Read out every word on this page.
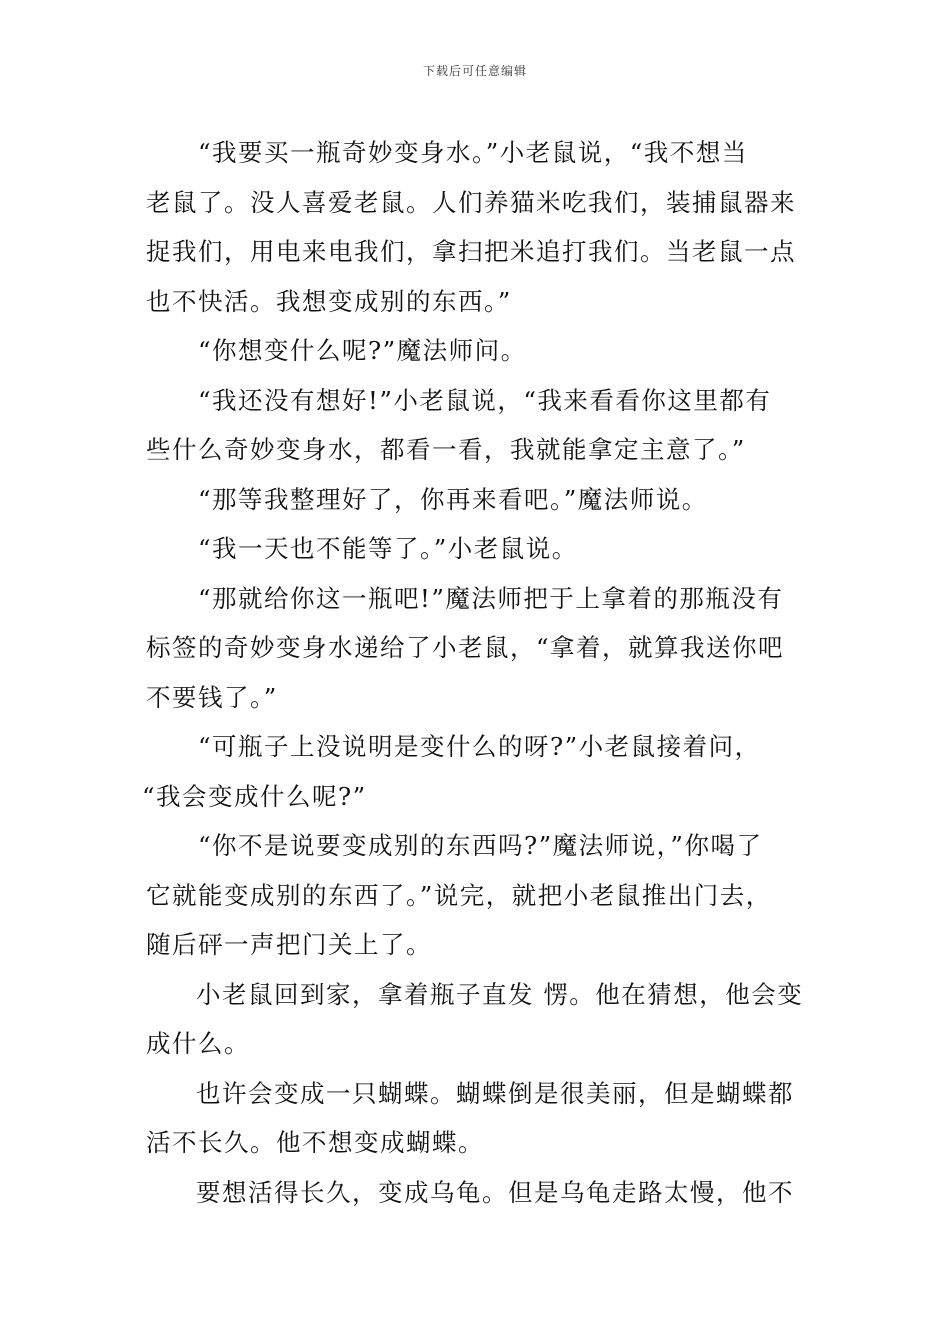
下载后可任意编辑
“我要买一瓶奇妙变身水。”小老鼠说，“我不想当
老鼠了。没人喜爱老鼠。人们养猫米吃我们，装捕鼠器来
捉我们，用电来电我们，拿扫把米追打我们。当老鼠一点
也不快活。我想变成别的东西。”
“你想变什么呢?”魔法师问。
“我还没有想好!”小老鼠说，“我来看看你这里都有
些什么奇妙变身水，都看一看，我就能拿定主意了。”
“那等我整理好了，你再来看吧。”魔法师说。
“我一天也不能等了。”小老鼠说。
“那就给你这一瓶吧!”魔法师把于上拿着的那瓶没有
标签的奇妙变身水递给了小老鼠，“拿着，就算我送你吧
不要钱了。”
“可瓶子上没说明是变什么的呀?”小老鼠接着问，
“我会变成什么呢?”
“你不是说要变成别的东西吗?”魔法师说，”你喝了
它就能变成别的东西了。”说完，就把小老鼠推出门去，
随后砰一声把门关上了。
小老鼠回到家，拿着瓶子直发 愣。他在猜想，他会变
成什么。
也许会变成一只蝴蝶。蝴蝶倒是很美丽，但是蝴蝶都
活不长久。他不想变成蝴蝶。
要想活得长久，变成乌龟。但是乌龟走路太慢，他不
